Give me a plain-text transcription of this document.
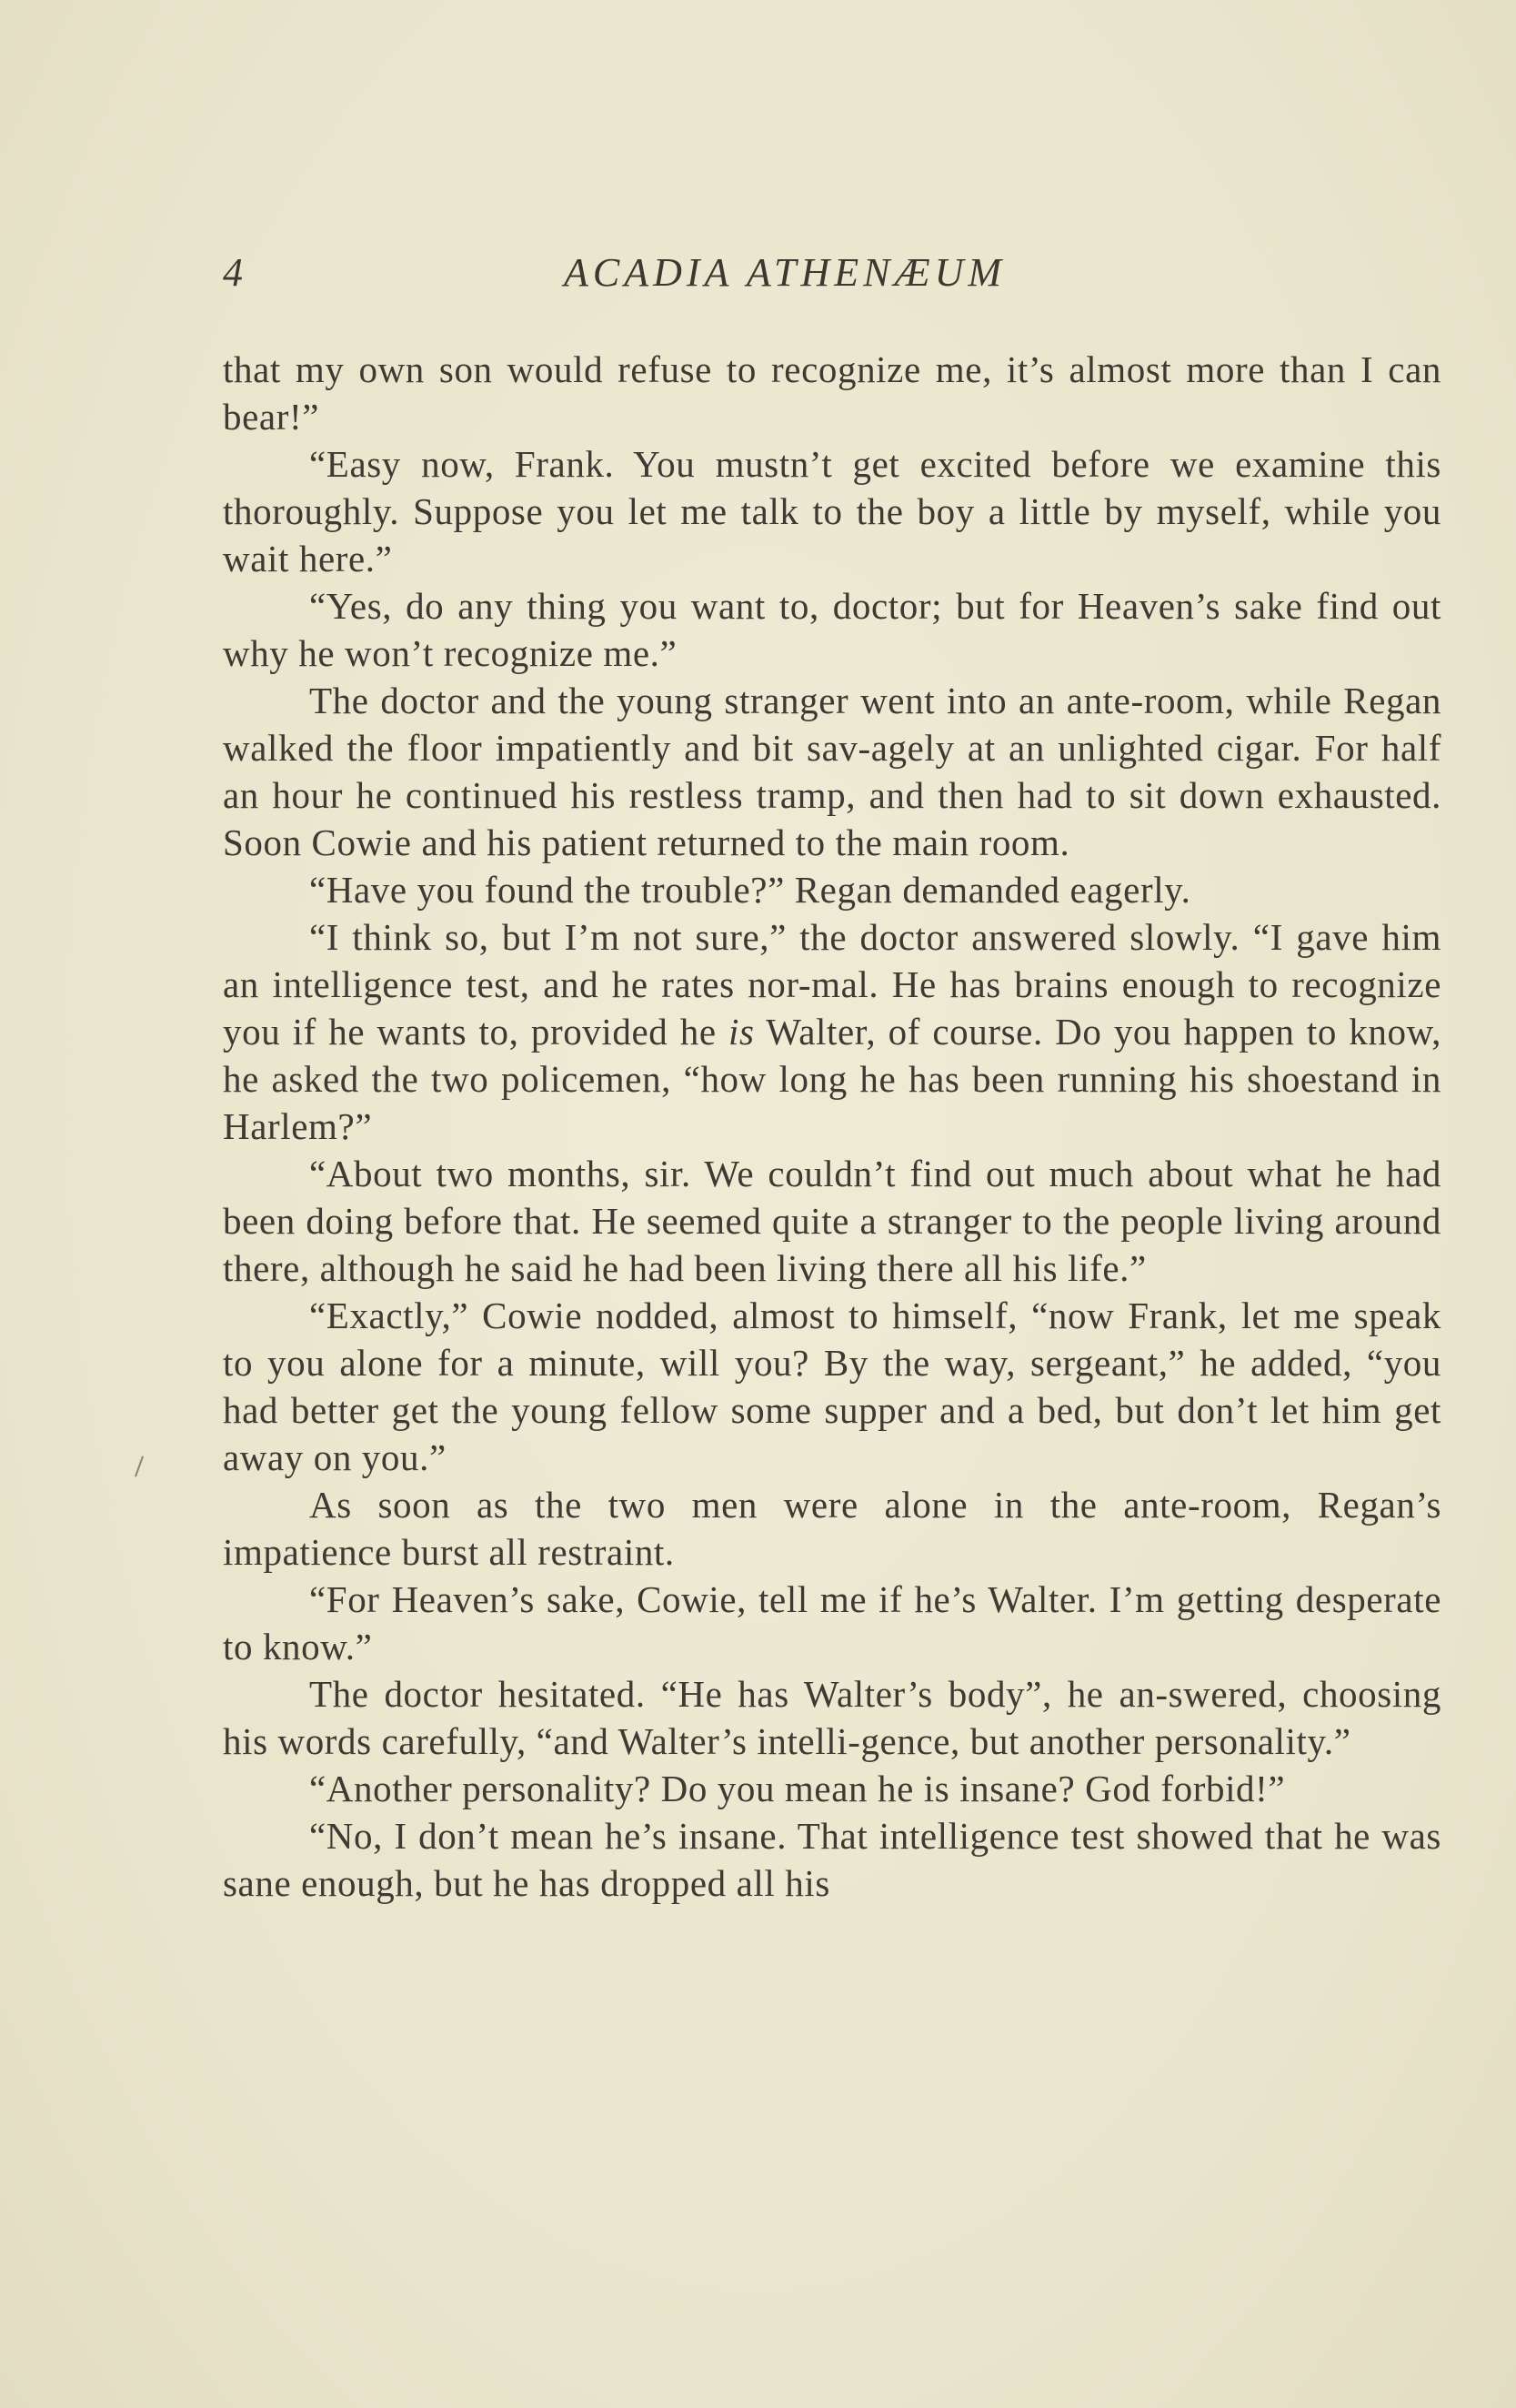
4	ACADIA ATHENÆUM

that my own son would refuse to recognize me, it’s almost more than I can bear!”

“Easy now, Frank. You mustn’t get excited before we examine this thoroughly. Suppose you let me talk to the boy a little by myself, while you wait here.”

“Yes, do any thing you want to, doctor; but for Heaven’s sake find out why he won’t recognize me.”

The doctor and the young stranger went into an ante-room, while Regan walked the floor impatiently and bit sav-agely at an unlighted cigar. For half an hour he continued his restless tramp, and then had to sit down exhausted. Soon Cowie and his patient returned to the main room.

“Have you found the trouble?” Regan demanded eagerly.

“I think so, but I’m not sure,” the doctor answered slowly. “I gave him an intelligence test, and he rates nor-mal. He has brains enough to recognize you if he wants to, provided he is Walter, of course. Do you happen to know, he asked the two policemen, “how long he has been running his shoestand in Harlem?”

“About two months, sir. We couldn’t find out much about what he had been doing before that. He seemed quite a stranger to the people living around there, although he said he had been living there all his life.”

“Exactly,” Cowie nodded, almost to himself, “now Frank, let me speak to you alone for a minute, will you? By the way, sergeant,” he added, “you had better get the young fellow some supper and a bed, but don’t let him get away on you.”

As soon as the two men were alone in the ante-room, Regan’s impatience burst all restraint.

“For Heaven’s sake, Cowie, tell me if he’s Walter. I’m getting desperate to know.”

The doctor hesitated. “He has Walter’s body”, he an-swered, choosing his words carefully, “and Walter’s intelli-gence, but another personality.”

“Another personality? Do you mean he is insane? God forbid!”

“No, I don’t mean he’s insane. That intelligence test showed that he was sane enough, but he has dropped all his
